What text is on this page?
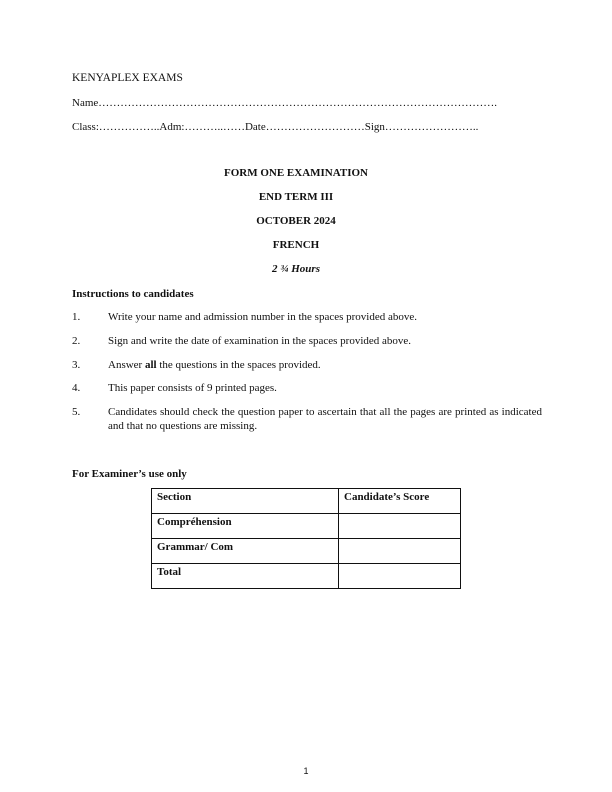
KENYAPLEX EXAMS
Name……………………………………………………………………………………………….
Class:……………..Adm:………..……Date………………………Sign……………………..
FORM ONE EXAMINATION
END TERM III
OCTOBER 2024
FRENCH
2 ¾ Hours
Instructions to candidates
1.	Write your name and admission number in the spaces provided above.
2.	Sign and write the date of examination in the spaces provided above.
3.	Answer all the questions in the spaces provided.
4.	This paper consists of 9 printed pages.
5.	Candidates should check the question paper to ascertain that all the pages are printed as indicated and that no questions are missing.
For Examiner’s use only
Section	Candidate’s Score
Compréhension	
Grammar/ Com	
Total	
1
